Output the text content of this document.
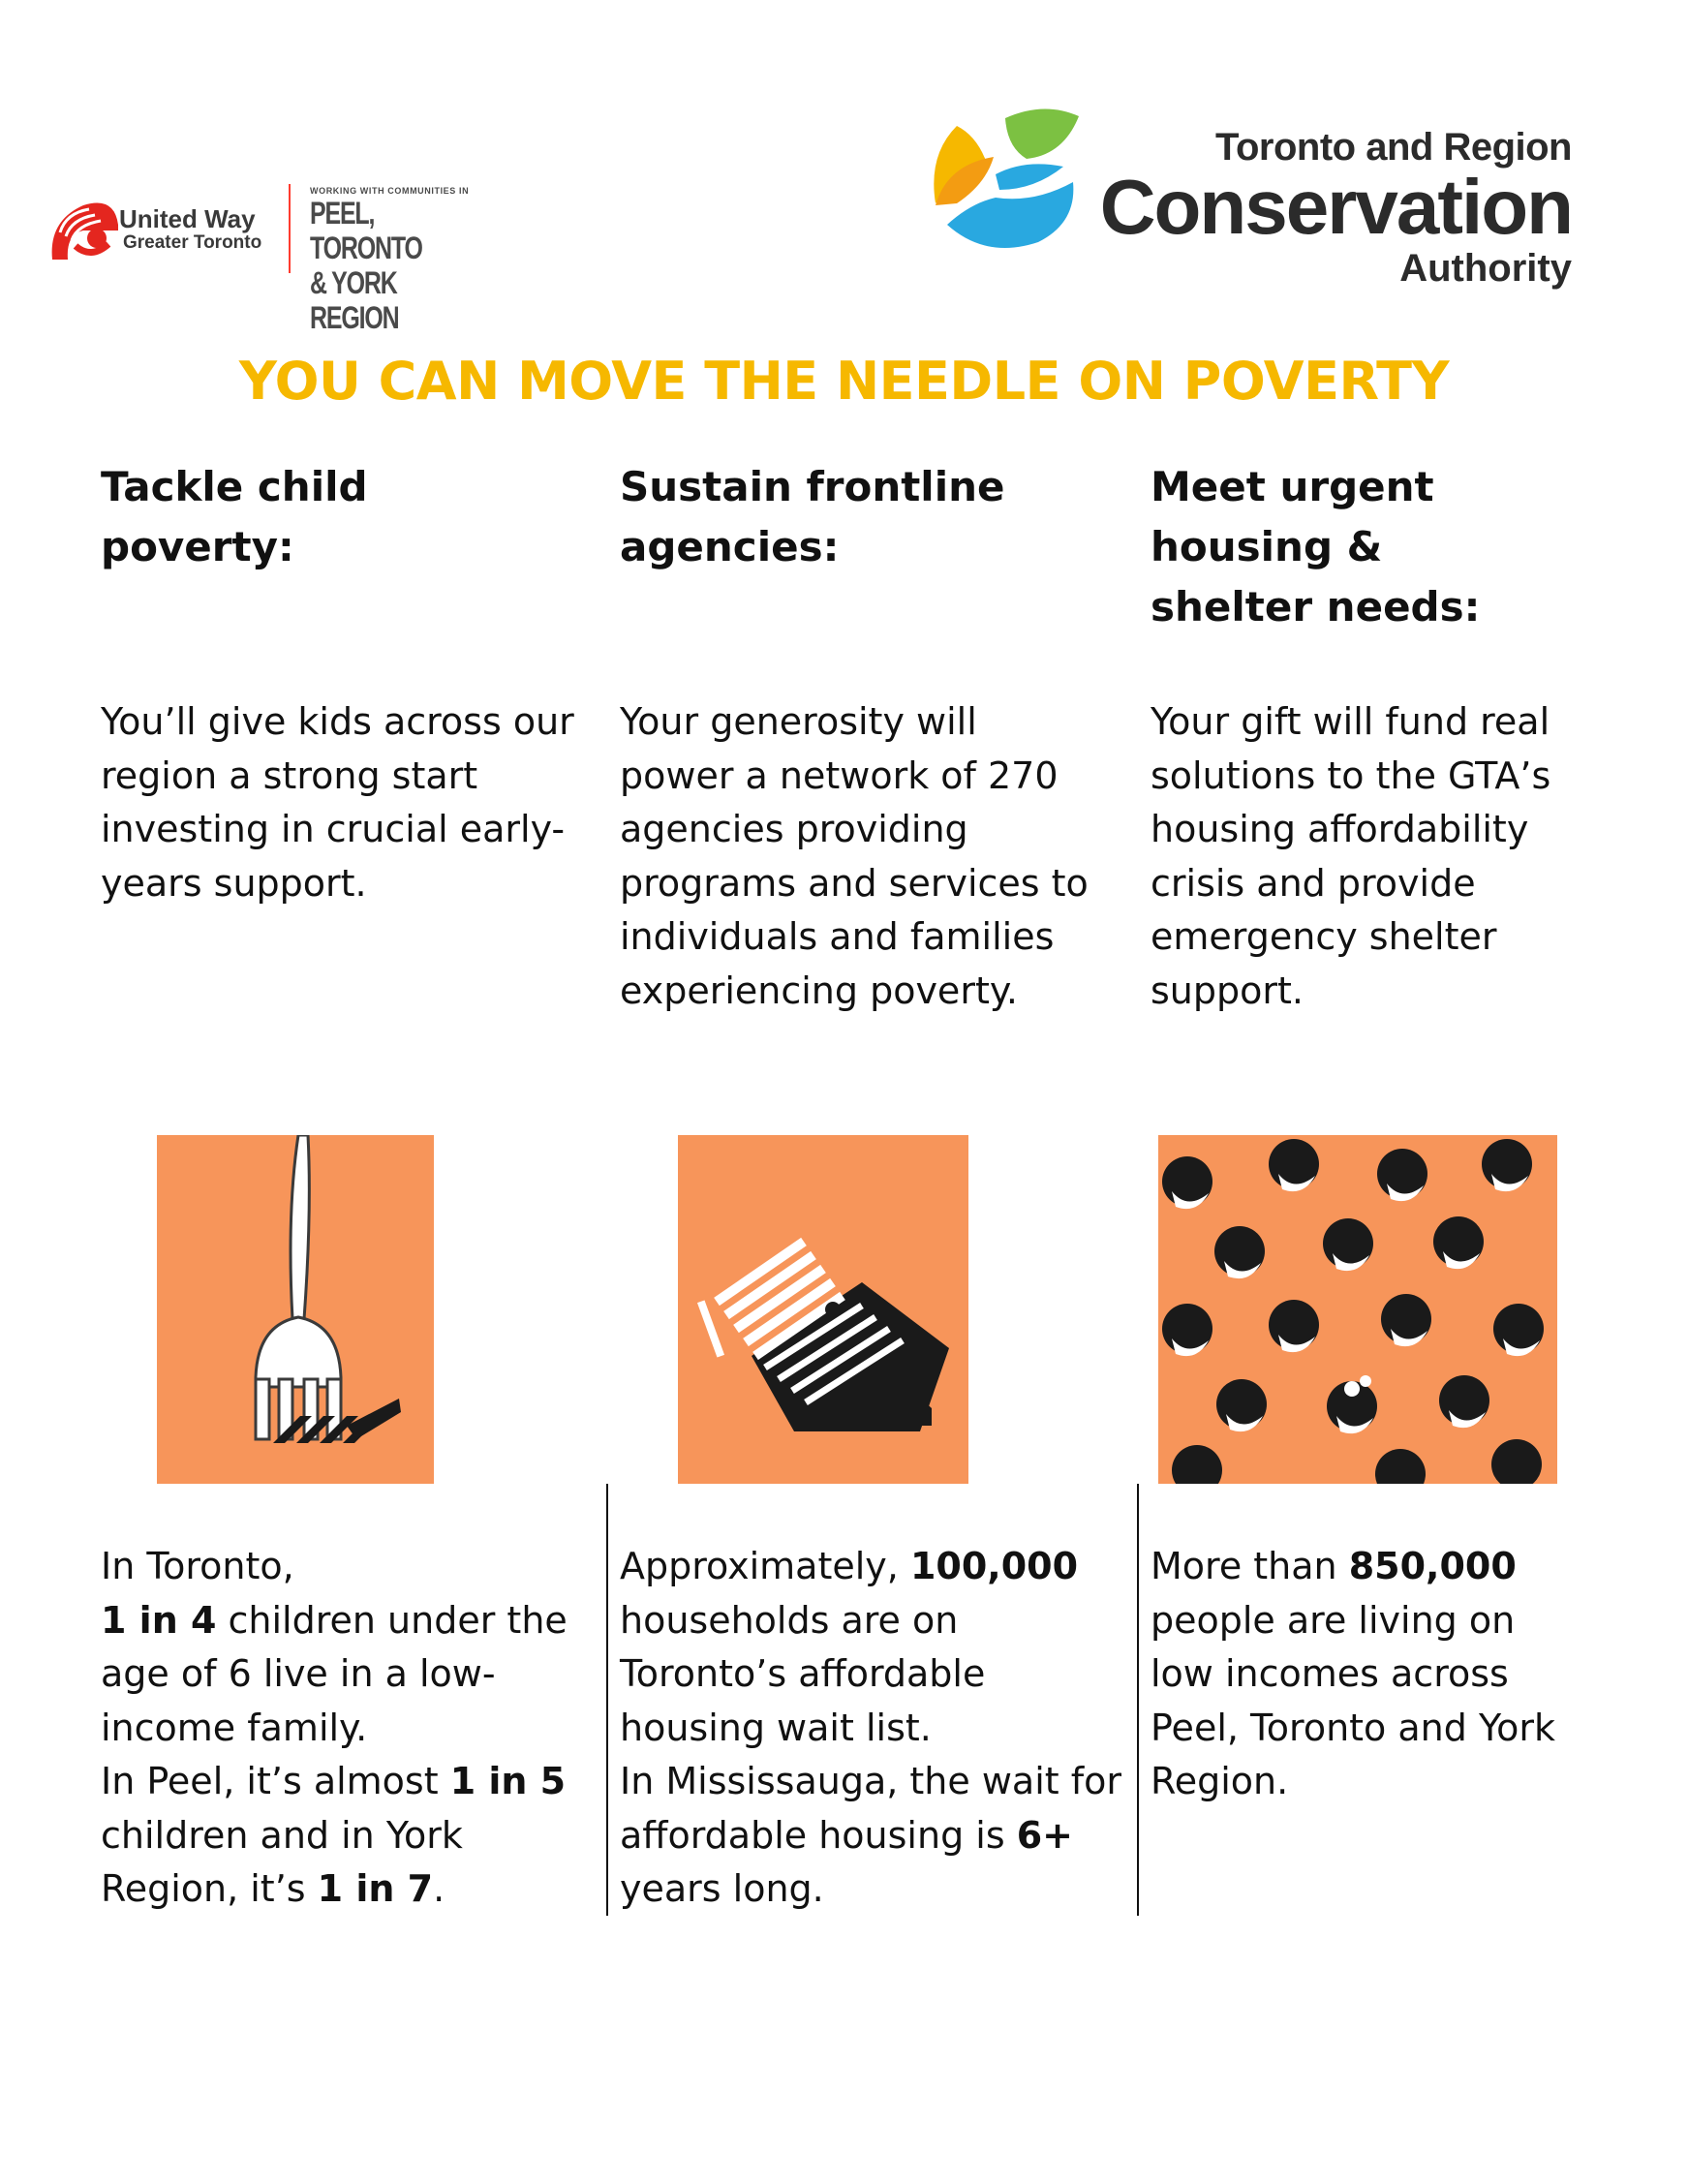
United Way
Greater Toronto
WORKING WITH COMMUNITIES IN
PEEL, TORONTO
& YORK REGION
Toronto and Region
Conservation
Authority
YOU CAN MOVE THE NEEDLE ON POVERTY
Tackle child poverty:
You’ll give kids across our region a strong start investing in crucial early-years support.
Sustain frontline agencies:
Your generosity will power a network of 270 agencies providing programs and services to individuals and families experiencing poverty.
Meet urgent housing & shelter needs:
Your gift will fund real solutions to the GTA’s housing affordability crisis and provide emergency shelter support.
In Toronto,
1 in 4 children under the age of 6 live in a low-income family.
In Peel, it’s almost 1 in 5 children and in York Region, it’s 1 in 7.
Approximately, 100,000 households are on Toronto’s affordable housing wait list.
In Mississauga, the wait for affordable housing is 6+ years long.
More than 850,000 people are living on low incomes across Peel, Toronto and York Region.
